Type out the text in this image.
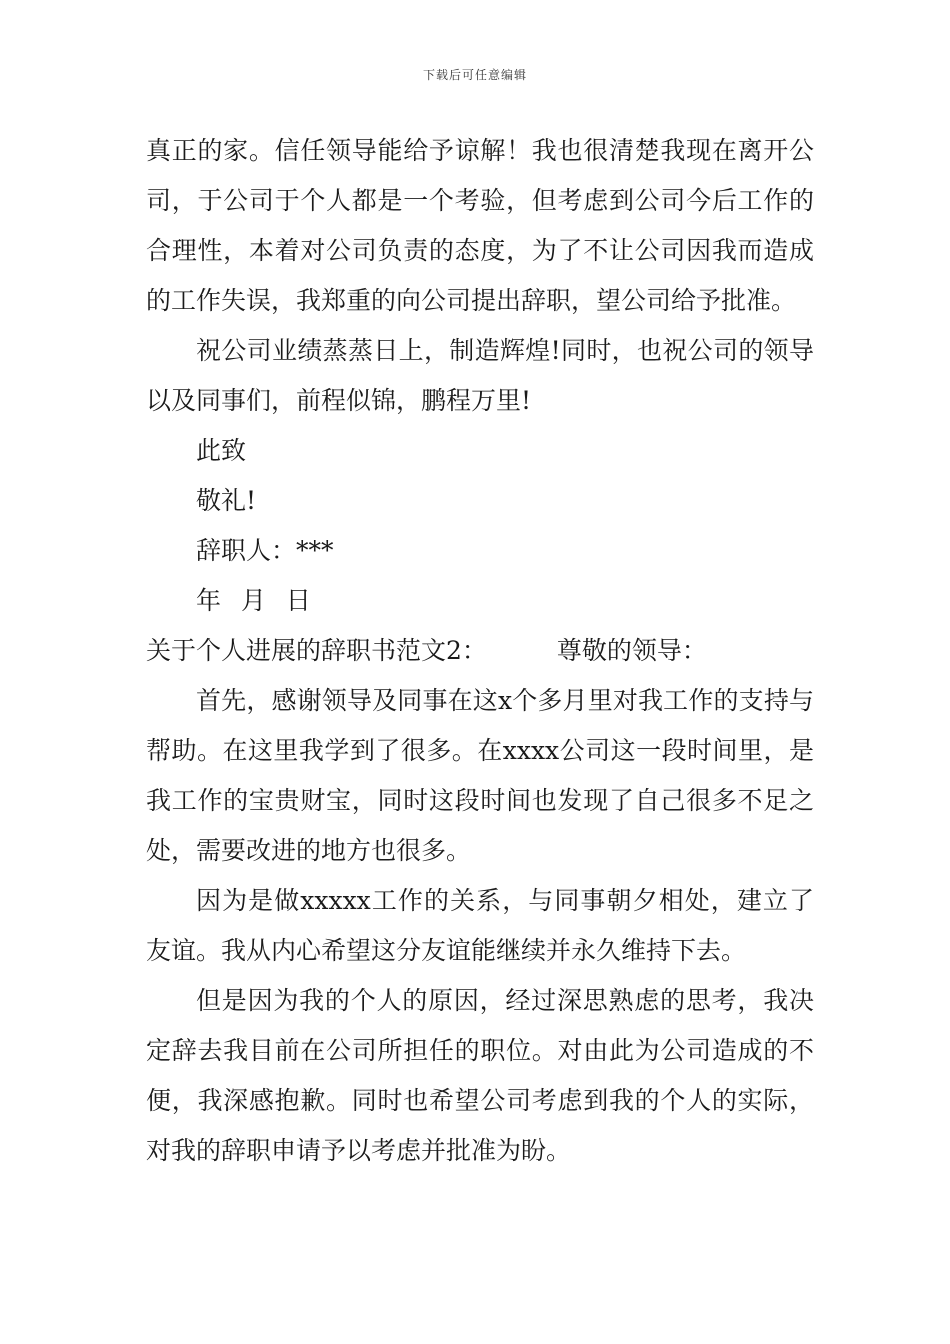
下载后可任意编辑

真正的家。信任领导能给予谅解！我也很清楚我现在离开公司，于公司于个人都是一个考验，但考虑到公司今后工作的合理性，本着对公司负责的态度，为了不让公司因我而造成的工作失误，我郑重的向公司提出辞职，望公司给予批准。

祝公司业绩蒸蒸日上，制造辉煌!同时，也祝公司的领导以及同事们，前程似锦，鹏程万里!

此致

敬礼!

辞职人：***

年 月 日

关于个人进展的辞职书范文2：	尊敬的领导：

首先，感谢领导及同事在这x个多月里对我工作的支持与帮助。在这里我学到了很多。在xxxx公司这一段时间里，是我工作的宝贵财宝，同时这段时间也发现了自己很多不足之处，需要改进的地方也很多。

因为是做xxxxx工作的关系，与同事朝夕相处，建立了友谊。我从内心希望这分友谊能继续并永久维持下去。

但是因为我的个人的原因，经过深思熟虑的思考，我决定辞去我目前在公司所担任的职位。对由此为公司造成的不便，我深感抱歉。同时也希望公司考虑到我的个人的实际，对我的辞职申请予以考虑并批准为盼。
